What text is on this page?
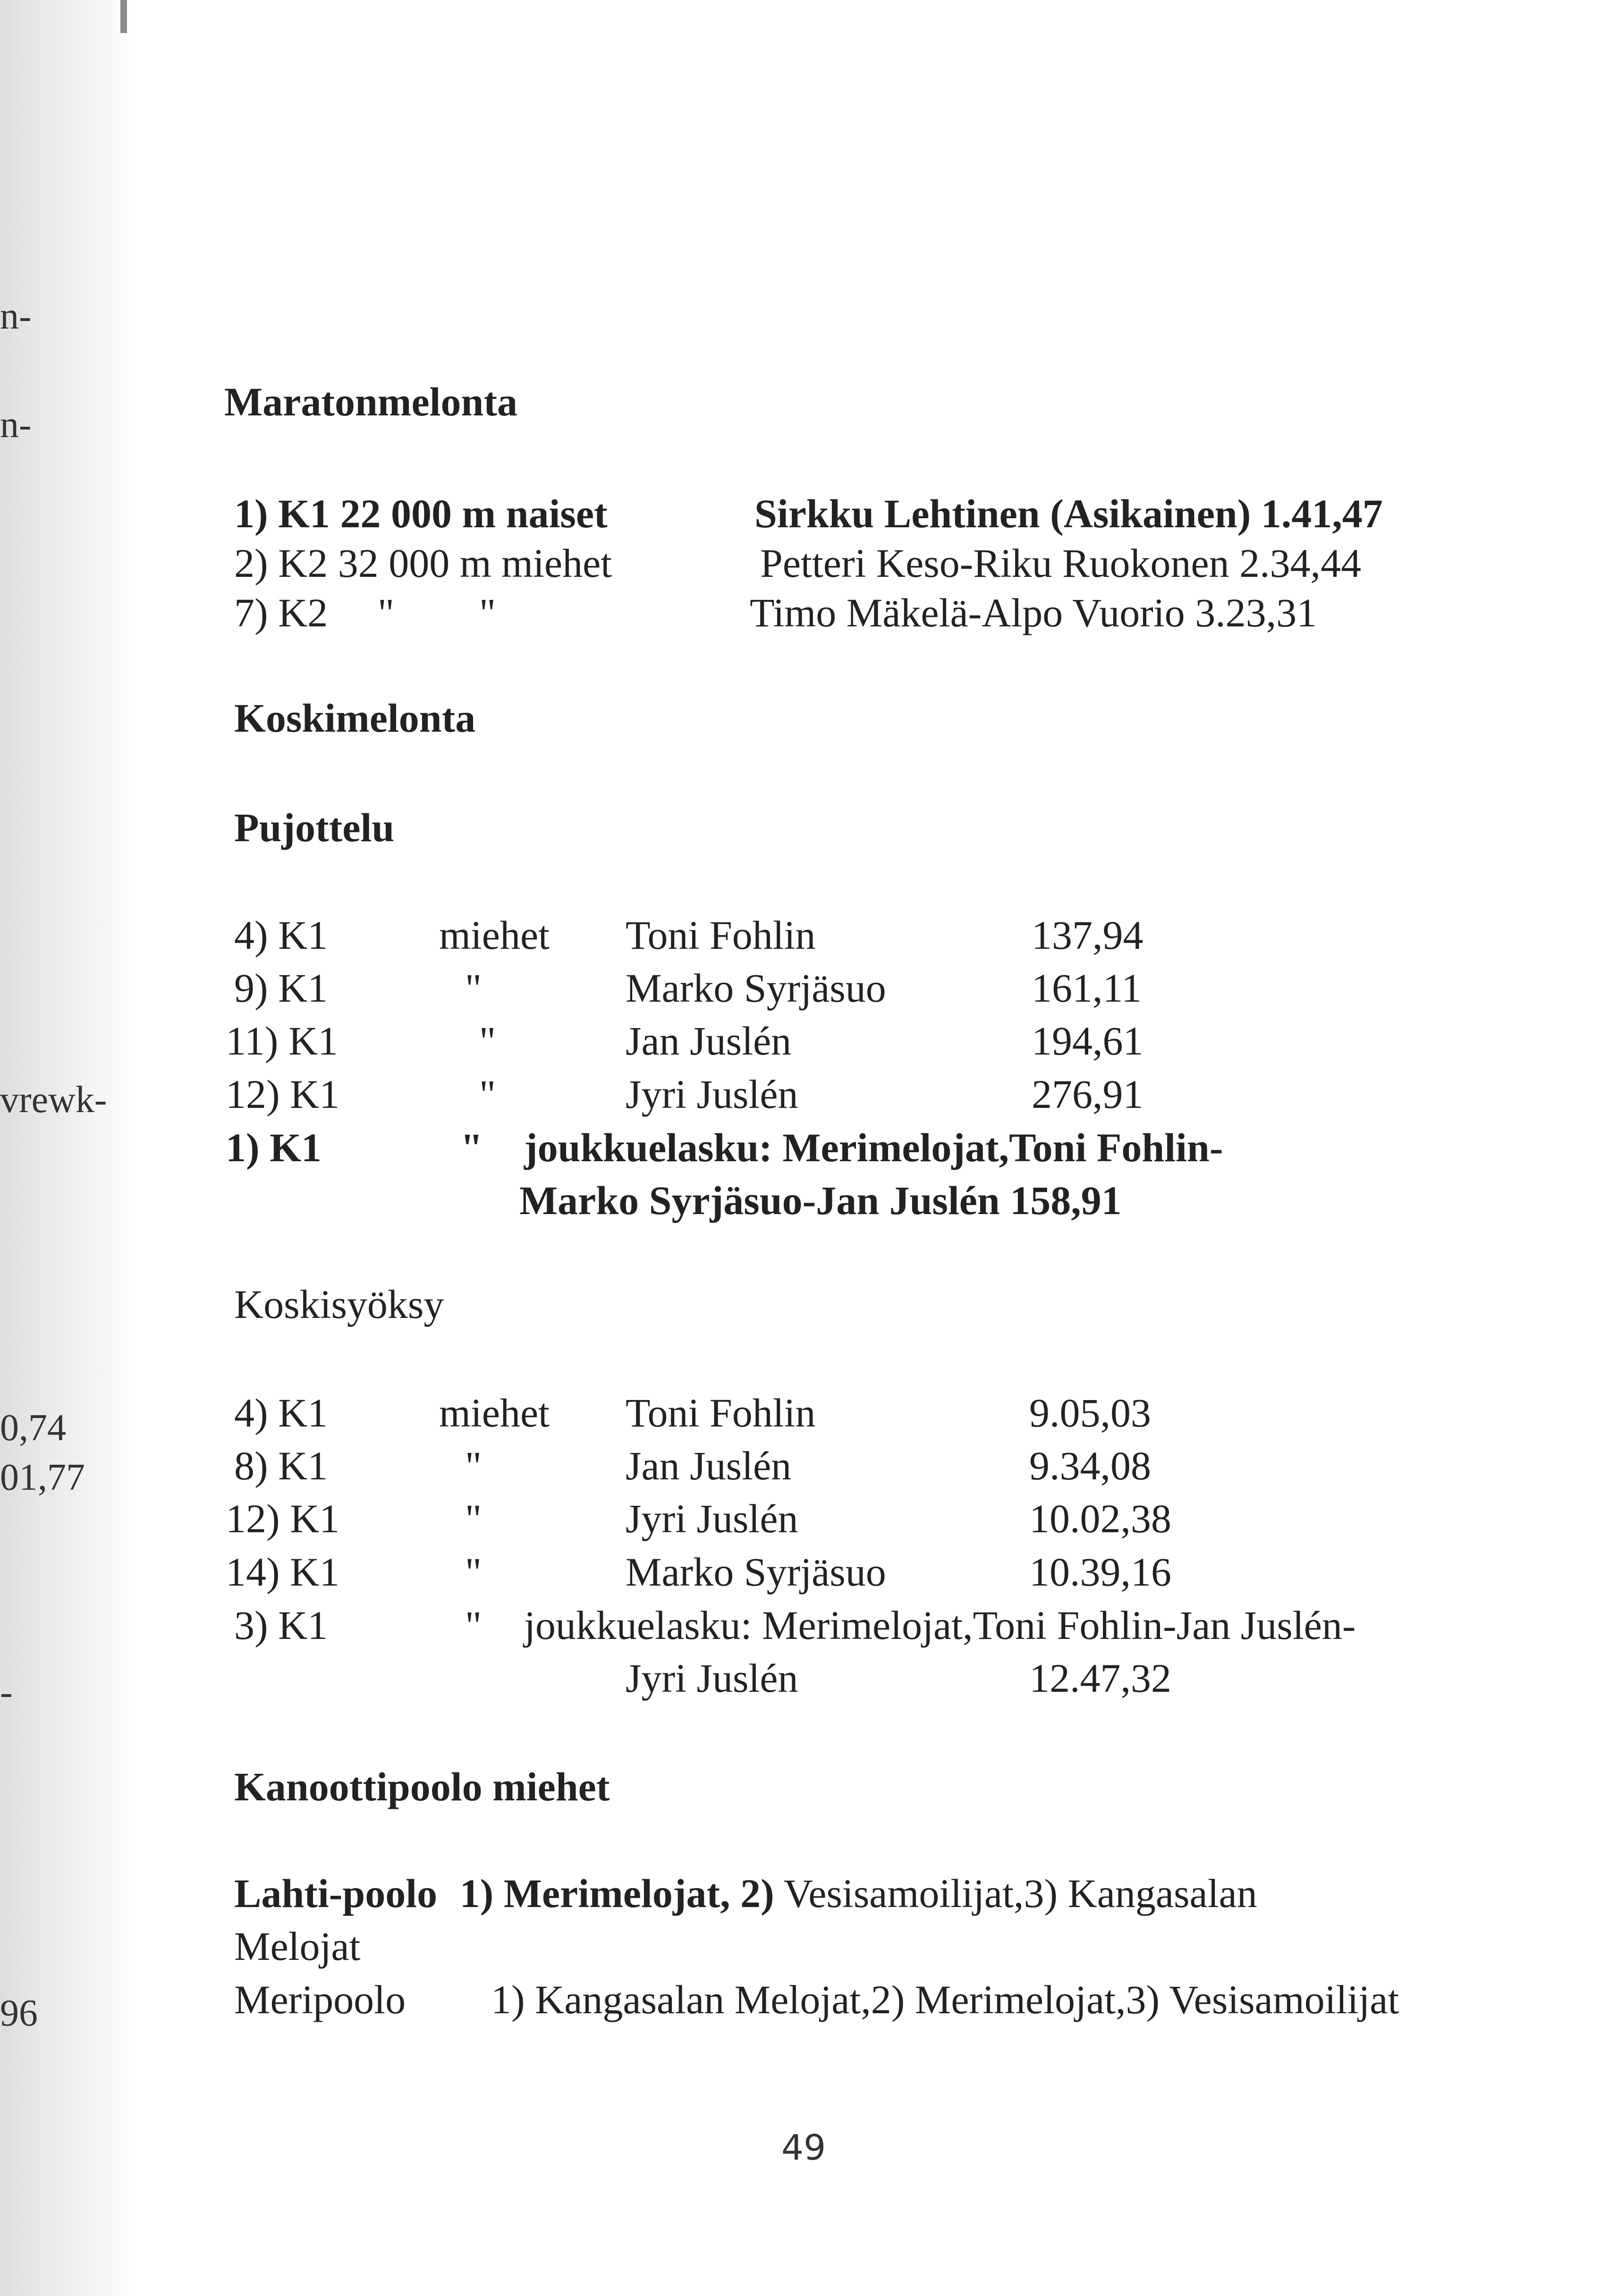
n-
n-
vrewk-
0,74
01,77
-
96
Maratonmelonta
1) K1 22 000 m naiset	Sirkku Lehtinen (Asikainen) 1.41,47
2) K2 32 000 m miehet	Petteri Keso-Riku Ruokonen 2.34,44
7) K2 " "	Timo Mäkelä-Alpo Vuorio 3.23,31
Koskimelonta
Pujottelu
4) K1	miehet Toni Fohlin	137,94
9) K1	"	Marko Syrjäsuo	161,11
11) K1	"	Jan Juslén	194,61
12) K1	"	Jyri Juslén	276,91
1) K1	" joukkuelasku: Merimelojat,Toni Fohlin-
Marko Syrjäsuo-Jan Juslén 158,91
Koskisyöksy
4) K1	miehet Toni Fohlin	9.05,03
8) K1	"	Jan Juslén	9.34,08
12) K1	"	Jyri Juslén	10.02,38
14) K1	"	Marko Syrjäsuo	10.39,16
3) K1	" joukkuelasku: Merimelojat,Toni Fohlin-Jan Juslén-
Jyri Juslén	12.47,32
Kanoottipoolo miehet
Lahti-poolo 1) Merimelojat, 2) Vesisamoilijat,3) Kangasalan
Melojat
Meripoolo 1) Kangasalan Melojat,2) Merimelojat,3) Vesisamoilijat
49
